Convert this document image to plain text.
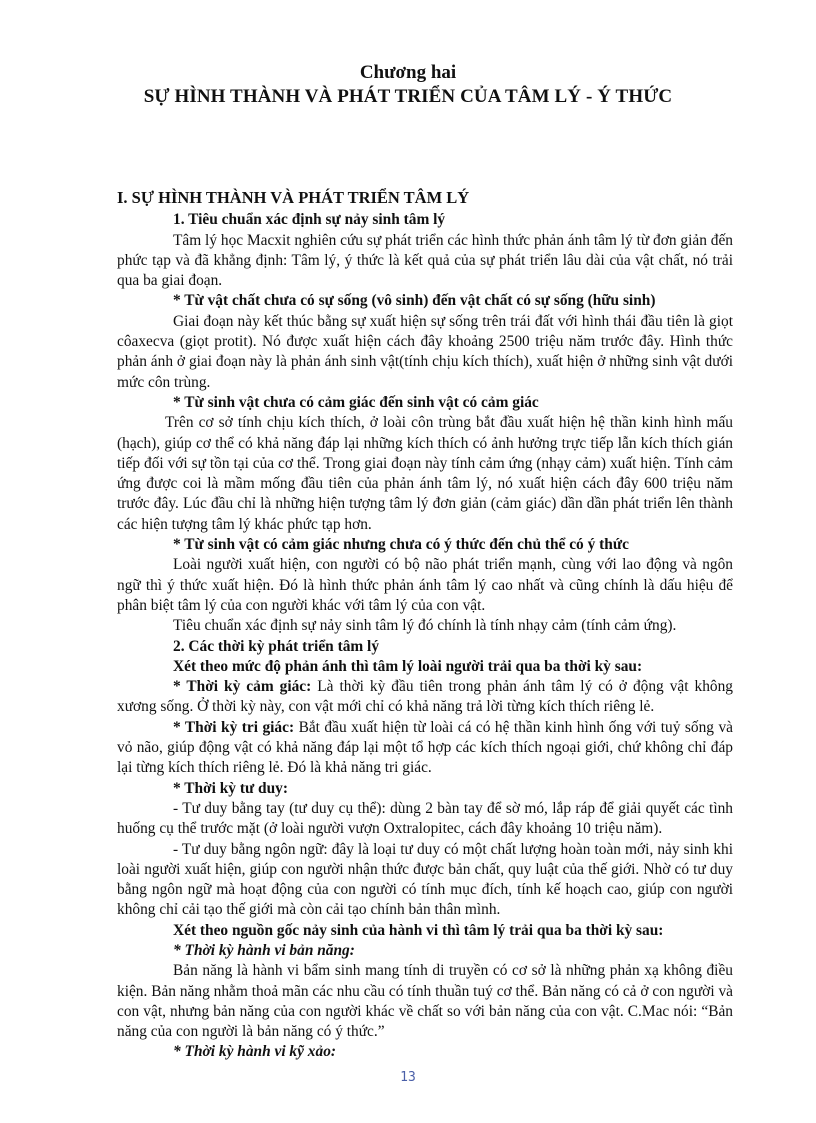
Chương hai
SỰ HÌNH THÀNH VÀ PHÁT TRIỂN CỦA TÂM LÝ - Ý THỨC

I. SỰ HÌNH THÀNH VÀ PHÁT TRIỂN TÂM LÝ

1. Tiêu chuẩn xác định sự nảy sinh tâm lý

Tâm lý học Macxit nghiên cứu sự phát triển các hình thức phản ánh tâm lý từ đơn giản đến phức tạp và đã khẳng định: Tâm lý, ý thức là kết quả của sự phát triển lâu dài của vật chất, nó trải qua ba giai đoạn.

* Từ vật chất chưa có sự sống (vô sinh) đến vật chất có sự sống (hữu sinh)

Giai đoạn này kết thúc bằng sự xuất hiện sự sống trên trái đất với hình thái đầu tiên là giọt côaxecva (giọt protit). Nó được xuất hiện cách đây khoảng 2500 triệu năm trước đây. Hình thức phản ánh ở giai đoạn này là phản ánh sinh vật(tính chịu kích thích), xuất hiện ở những sinh vật dưới mức côn trùng.

* Từ sinh vật chưa có cảm giác đến sinh vật có cảm giác

Trên cơ sở tính chịu kích thích, ở loài côn trùng bắt đầu xuất hiện hệ thần kinh hình mấu (hạch), giúp cơ thể có khả năng đáp lại những kích thích có ảnh hưởng trực tiếp lẫn kích thích gián tiếp đối với sự tồn tại của cơ thể. Trong giai đoạn này tính cảm ứng (nhạy cảm) xuất hiện. Tính cảm ứng được coi là mầm mống đầu tiên của phản ánh tâm lý, nó xuất hiện cách đây 600 triệu năm trước đây. Lúc đầu chỉ là những hiện tượng tâm lý đơn giản (cảm giác) dần dần phát triển lên thành các hiện tượng tâm lý khác phức tạp hơn.

* Từ sinh vật có cảm giác nhưng chưa có ý thức đến chủ thể có ý thức

Loài người xuất hiện, con người có bộ não phát triển mạnh, cùng với lao động và ngôn ngữ thì ý thức xuất hiện. Đó là hình thức phản ánh tâm lý cao nhất và cũng chính là dấu hiệu để phân biệt tâm lý của con người khác với tâm lý của con vật.

Tiêu chuẩn xác định sự nảy sinh tâm lý đó chính là tính nhạy cảm (tính cảm ứng).

2. Các thời kỳ phát triển tâm lý

Xét theo mức độ phản ánh thì tâm lý loài người trải qua ba thời kỳ sau:

* Thời kỳ cảm giác: Là thời kỳ đầu tiên trong phản ánh tâm lý có ở động vật không xương sống. Ở thời kỳ này, con vật mới chỉ có khả năng trả lời từng kích thích riêng lẻ.

* Thời kỳ tri giác: Bắt đầu xuất hiện từ loài cá có hệ thần kinh hình ống với tuỷ sống và vỏ não, giúp động vật có khả năng đáp lại một tổ hợp các kích thích ngoại giới, chứ không chỉ đáp lại từng kích thích riêng lẻ. Đó là khả năng tri giác.

* Thời kỳ tư duy:

- Tư duy bằng tay (tư duy cụ thể): dùng 2 bàn tay để sờ mó, lắp ráp để giải quyết các tình huống cụ thể trước mặt (ở loài người vượn Oxtralopitec, cách đây khoảng 10 triệu năm).

- Tư duy bằng ngôn ngữ: đây là loại tư duy có một chất lượng hoàn toàn mới, nảy sinh khi loài người xuất hiện, giúp con người nhận thức được bản chất, quy luật của thế giới. Nhờ có tư duy bằng ngôn ngữ mà hoạt động của con người có tính mục đích, tính kế hoạch cao, giúp con người không chỉ cải tạo thế giới mà còn cải tạo chính bản thân mình.

Xét theo nguồn gốc nảy sinh của hành vi thì tâm lý trải qua ba thời kỳ sau:

* Thời kỳ hành vi bản năng:

Bản năng là hành vi bẩm sinh mang tính di truyền có cơ sở là những phản xạ không điều kiện. Bản năng nhằm thoả mãn các nhu cầu có tính thuần tuý cơ thể. Bản năng có cả ở con người và con vật, nhưng bản năng của con người khác về chất so với bản năng của con vật. C.Mac nói: “Bản năng của con người là bản năng có ý thức.”

* Thời kỳ hành vi kỹ xảo:

13
